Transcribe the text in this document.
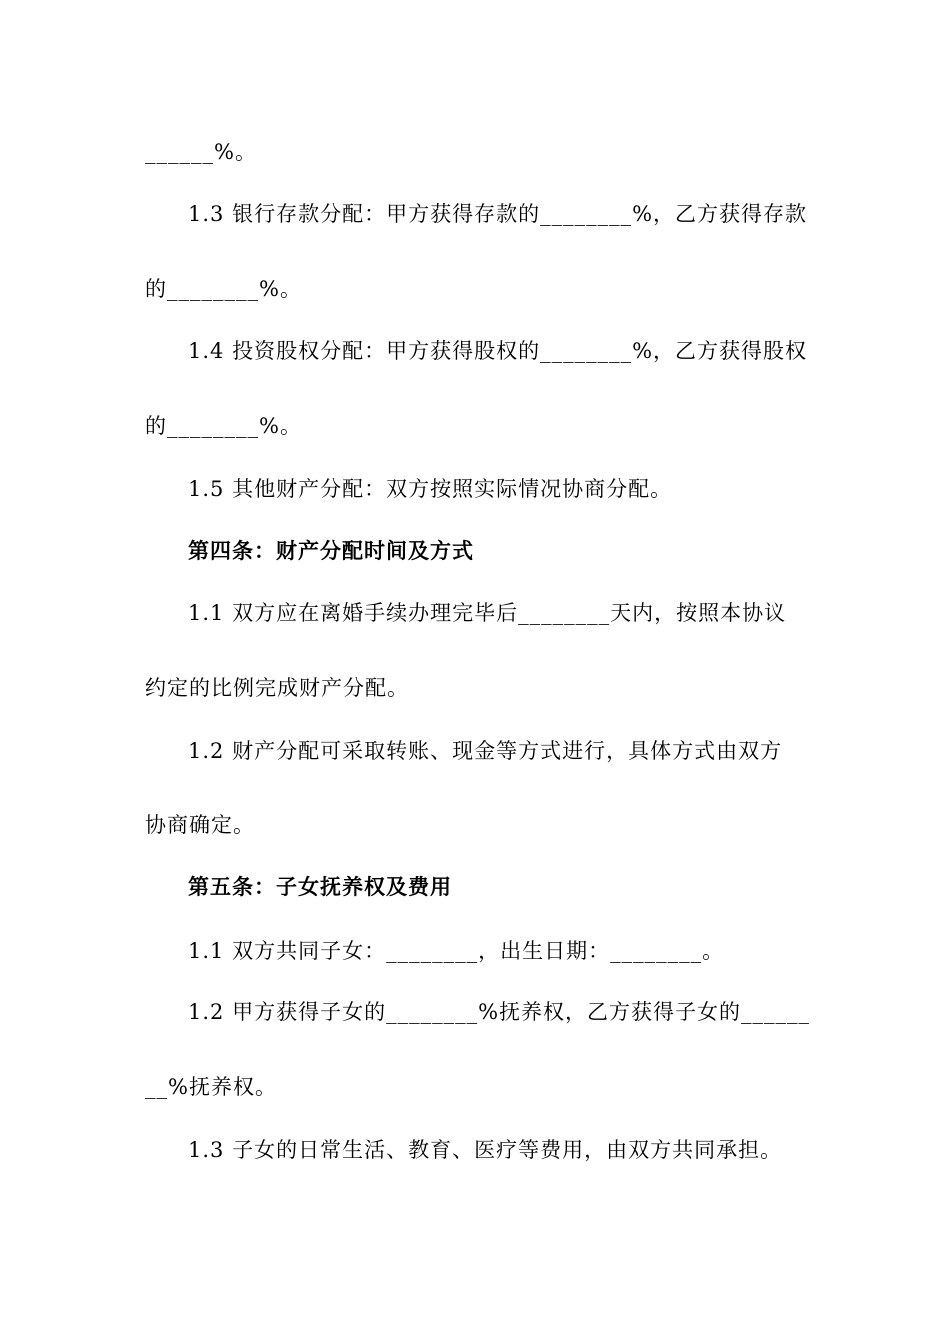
______%。
1.3 银行存款分配：甲方获得存款的________%，乙方获得存款
的________%。
1.4 投资股权分配：甲方获得股权的________%，乙方获得股权
的________%。
1.5 其他财产分配：双方按照实际情况协商分配。
第四条：财产分配时间及方式
1.1 双方应在离婚手续办理完毕后________天内，按照本协议
约定的比例完成财产分配。
1.2 财产分配可采取转账、现金等方式进行，具体方式由双方
协商确定。
第五条：子女抚养权及费用
1.1 双方共同子女：________，出生日期：________。
1.2 甲方获得子女的________%抚养权，乙方获得子女的______
__%抚养权。
1.3 子女的日常生活、教育、医疗等费用，由双方共同承担。
